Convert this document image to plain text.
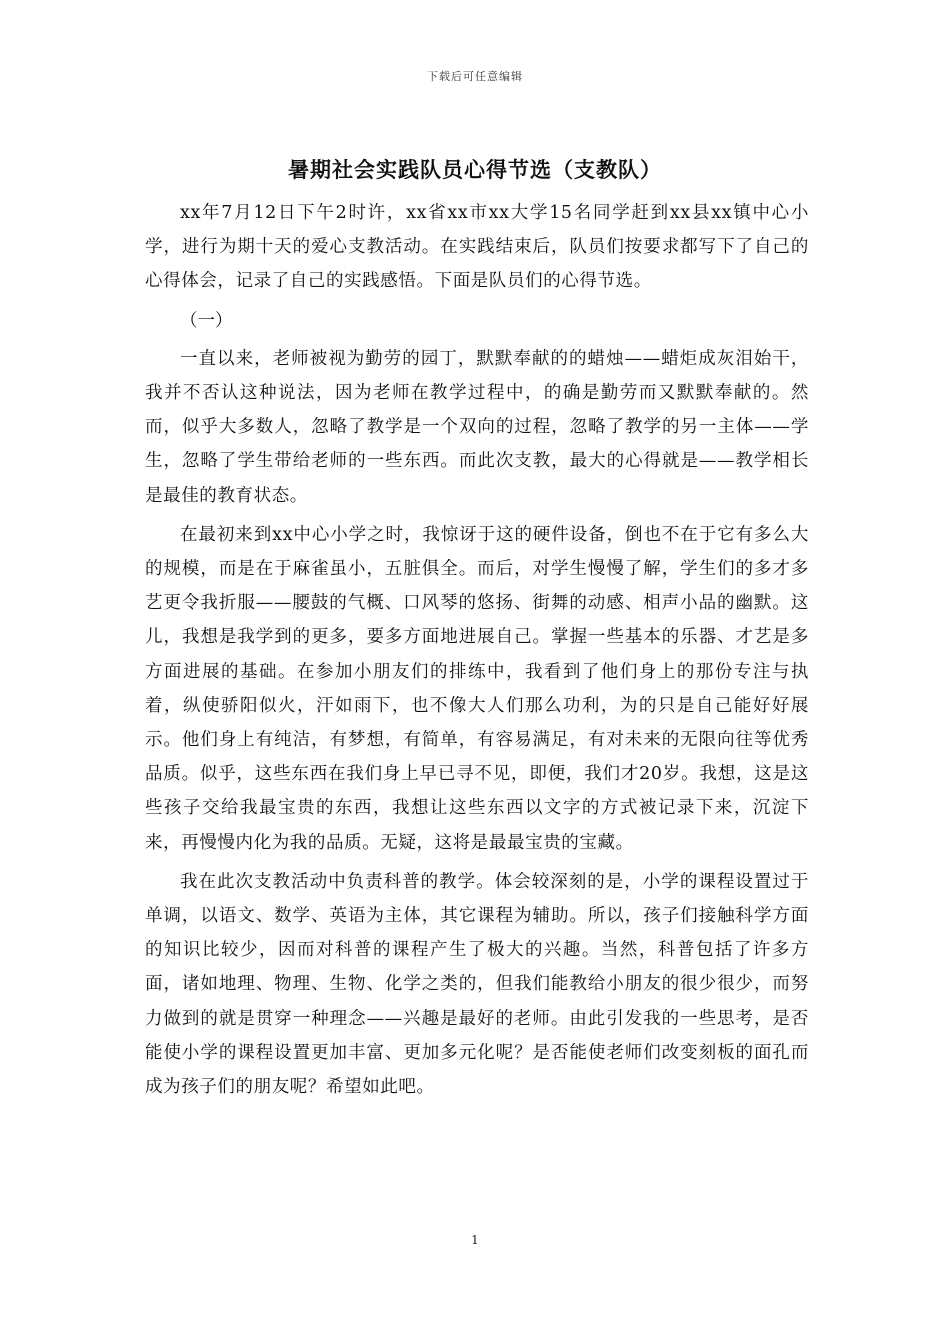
下载后可任意编辑
暑期社会实践队员心得节选（支教队）

xx年7月12日下午2时许，xx省xx市xx大学15名同学赶到xx县xx镇中心小学，进行为期十天的爱心支教活动。在实践结束后，队员们按要求都写下了自己的心得体会，记录了自己的实践感悟。下面是队员们的心得节选。

（一）

一直以来，老师被视为勤劳的园丁，默默奉献的的蜡烛——蜡炬成灰泪始干，我并不否认这种说法，因为老师在教学过程中，的确是勤劳而又默默奉献的。然而，似乎大多数人，忽略了教学是一个双向的过程，忽略了教学的另一主体——学生，忽略了学生带给老师的一些东西。而此次支教，最大的心得就是——教学相长是最佳的教育状态。

在最初来到xx中心小学之时，我惊讶于这的硬件设备，倒也不在于它有多么大的规模，而是在于麻雀虽小，五脏俱全。而后，对学生慢慢了解，学生们的多才多艺更令我折服——腰鼓的气概、口风琴的悠扬、街舞的动感、相声小品的幽默。这儿，我想是我学到的更多，要多方面地进展自己。掌握一些基本的乐器、才艺是多方面进展的基础。在参加小朋友们的排练中，我看到了他们身上的那份专注与执着，纵使骄阳似火，汗如雨下，也不像大人们那么功利，为的只是自己能好好展示。他们身上有纯洁，有梦想，有简单，有容易满足，有对未来的无限向往等优秀品质。似乎，这些东西在我们身上早已寻不见，即便，我们才20岁。我想，这是这些孩子交给我最宝贵的东西，我想让这些东西以文字的方式被记录下来，沉淀下来，再慢慢内化为我的品质。无疑，这将是最最宝贵的宝藏。

我在此次支教活动中负责科普的教学。体会较深刻的是，小学的课程设置过于单调，以语文、数学、英语为主体，其它课程为辅助。所以，孩子们接触科学方面的知识比较少，因而对科普的课程产生了极大的兴趣。当然，科普包括了许多方面，诸如地理、物理、生物、化学之类的，但我们能教给小朋友的很少很少，而努力做到的就是贯穿一种理念——兴趣是最好的老师。由此引发我的一些思考，是否能使小学的课程设置更加丰富、更加多元化呢？是否能使老师们改变刻板的面孔而成为孩子们的朋友呢？希望如此吧。

1
